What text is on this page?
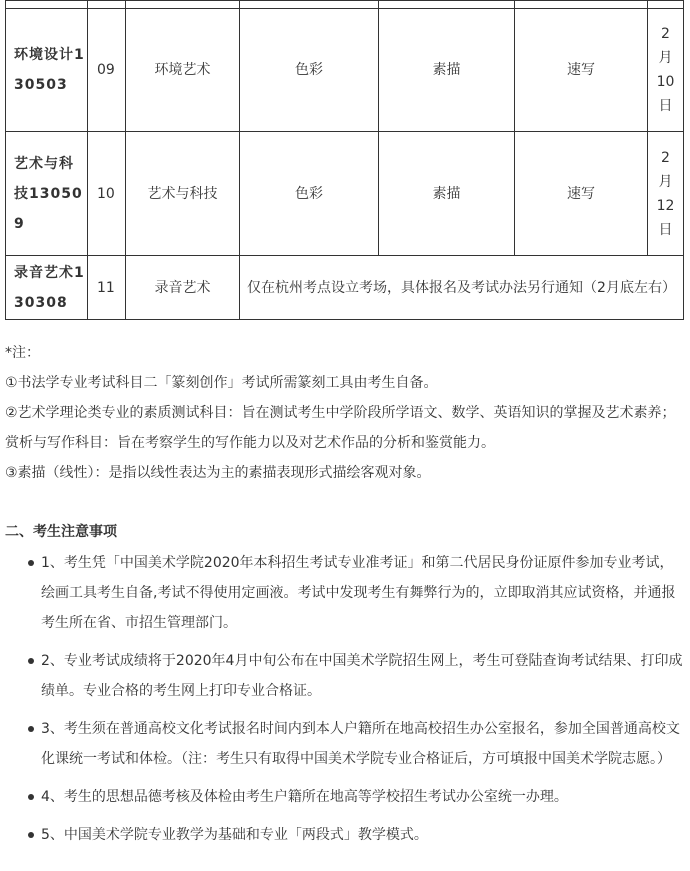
环境设计130503	09	环境艺术	色彩	素描	速写	2
月
10
日

艺术与科技130509	10	艺术与科技	色彩	素描	速写	2
月
12
日

录音艺术130308	11	录音艺术	仅在杭州考点设立考场，具体报名及考试办法另行通知（2月底左右）			

*注：

①书法学专业考试科目二「篆刻创作」考试所需篆刻工具由考生自备。

②艺术学理论类专业的素质测试科目：旨在测试考生中学阶段所学语文、数学、英语知识的掌握及艺术素养；赏析与写作科目：旨在考察学生的写作能力以及对艺术作品的分析和鉴赏能力。

③素描（线性）：是指以线性表达为主的素描表现形式描绘客观对象。

二、考生注意事项
1、考生凭「中国美术学院2020年本科招生考试专业准考证」和第二代居民身份证原件参加专业考试，绘画工具考生自备,考试不得使用定画液。考试中发现考生有舞弊行为的，立即取消其应试资格，并通报考生所在省、市招生管理部门。
2、专业考试成绩将于2020年4月中旬公布在中国美术学院招生网上，考生可登陆查询考试结果、打印成绩单。专业合格的考生网上打印专业合格证。
3、考生须在普通高校文化考试报名时间内到本人户籍所在地高校招生办公室报名，参加全国普通高校文化课统一考试和体检。（注：考生只有取得中国美术学院专业合格证后，方可填报中国美术学院志愿。）
4、考生的思想品德考核及体检由考生户籍所在地高等学校招生考试办公室统一办理。
5、中国美术学院专业教学为基础和专业「两段式」教学模式。
